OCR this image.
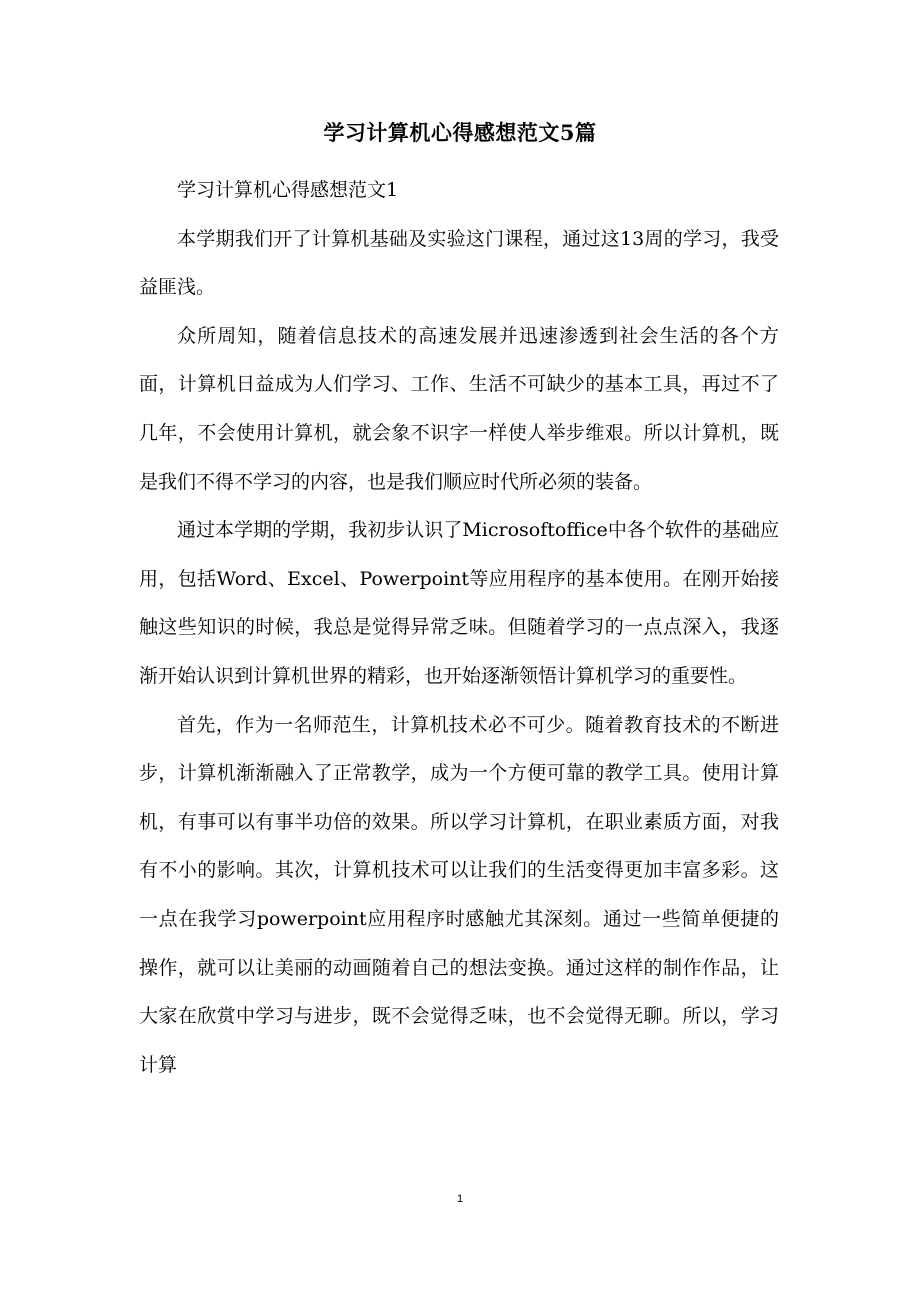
学习计算机心得感想范文5篇

学习计算机心得感想范文1

本学期我们开了计算机基础及实验这门课程，通过这13周的学习，我受益匪浅。

众所周知，随着信息技术的高速发展并迅速渗透到社会生活的各个方面，计算机日益成为人们学习、工作、生活不可缺少的基本工具，再过不了几年，不会使用计算机，就会象不识字一样使人举步维艰。所以计算机，既是我们不得不学习的内容，也是我们顺应时代所必须的装备。

通过本学期的学期，我初步认识了Microsoftoffice中各个软件的基础应用，包括Word、Excel、Powerpoint等应用程序的基本使用。在刚开始接触这些知识的时候，我总是觉得异常乏味。但随着学习的一点点深入，我逐渐开始认识到计算机世界的精彩，也开始逐渐领悟计算机学习的重要性。

首先，作为一名师范生，计算机技术必不可少。随着教育技术的不断进步，计算机渐渐融入了正常教学，成为一个方便可靠的教学工具。使用计算机，有事可以有事半功倍的效果。所以学习计算机，在职业素质方面，对我有不小的影响。其次，计算机技术可以让我们的生活变得更加丰富多彩。这一点在我学习powerpoint应用程序时感触尤其深刻。通过一些简单便捷的操作，就可以让美丽的动画随着自己的想法变换。通过这样的制作作品，让大家在欣赏中学习与进步，既不会觉得乏味，也不会觉得无聊。所以，学习计算

1
